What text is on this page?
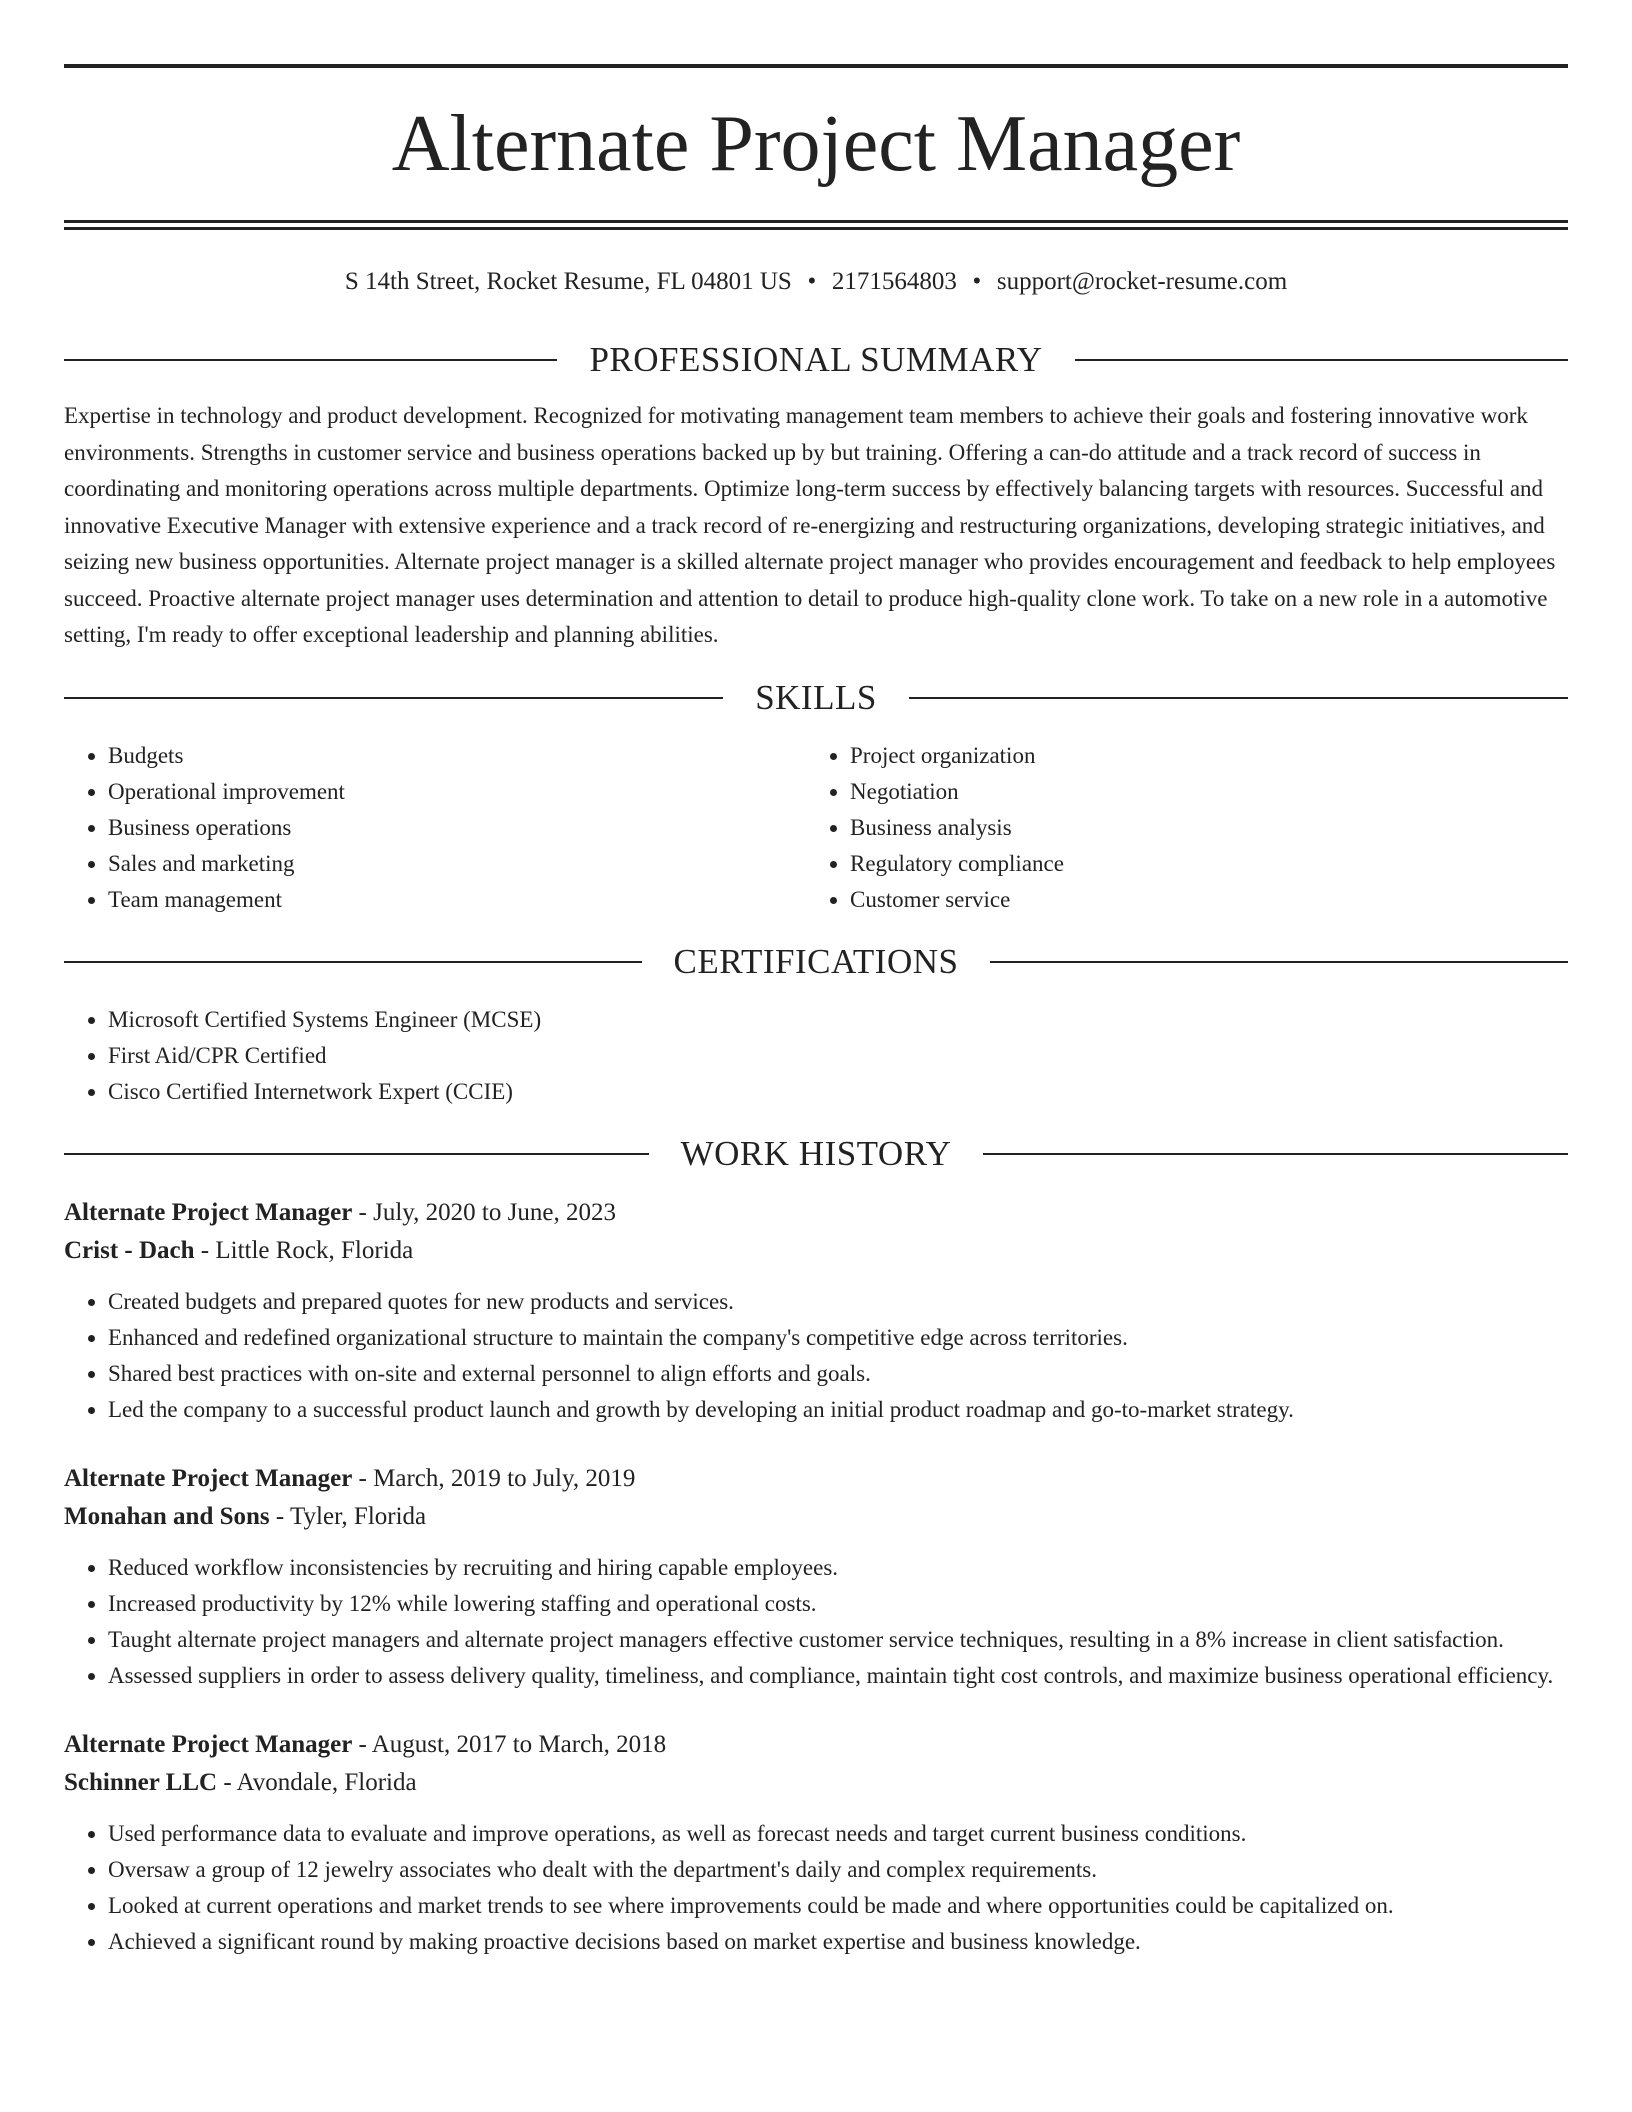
Alternate Project Manager
S 14th Street, Rocket Resume, FL 04801 US • 2171564803 • support@rocket-resume.com
PROFESSIONAL SUMMARY
Expertise in technology and product development. Recognized for motivating management team members to achieve their goals and fostering innovative work environments. Strengths in customer service and business operations backed up by but training. Offering a can-do attitude and a track record of success in coordinating and monitoring operations across multiple departments. Optimize long-term success by effectively balancing targets with resources. Successful and innovative Executive Manager with extensive experience and a track record of re-energizing and restructuring organizations, developing strategic initiatives, and seizing new business opportunities. Alternate project manager is a skilled alternate project manager who provides encouragement and feedback to help employees succeed. Proactive alternate project manager uses determination and attention to detail to produce high-quality clone work. To take on a new role in a automotive setting, I'm ready to offer exceptional leadership and planning abilities.
SKILLS
• Budgets
• Operational improvement
• Business operations
• Sales and marketing
• Team management
• Project organization
• Negotiation
• Business analysis
• Regulatory compliance
• Customer service
CERTIFICATIONS
• Microsoft Certified Systems Engineer (MCSE)
• First Aid/CPR Certified
• Cisco Certified Internetwork Expert (CCIE)
WORK HISTORY
Alternate Project Manager - July, 2020 to June, 2023
Crist - Dach - Little Rock, Florida
• Created budgets and prepared quotes for new products and services.
• Enhanced and redefined organizational structure to maintain the company's competitive edge across territories.
• Shared best practices with on-site and external personnel to align efforts and goals.
• Led the company to a successful product launch and growth by developing an initial product roadmap and go-to-market strategy.
Alternate Project Manager - March, 2019 to July, 2019
Monahan and Sons - Tyler, Florida
• Reduced workflow inconsistencies by recruiting and hiring capable employees.
• Increased productivity by 12% while lowering staffing and operational costs.
• Taught alternate project managers and alternate project managers effective customer service techniques, resulting in a 8% increase in client satisfaction.
• Assessed suppliers in order to assess delivery quality, timeliness, and compliance, maintain tight cost controls, and maximize business operational efficiency.
Alternate Project Manager - August, 2017 to March, 2018
Schinner LLC - Avondale, Florida
• Used performance data to evaluate and improve operations, as well as forecast needs and target current business conditions.
• Oversaw a group of 12 jewelry associates who dealt with the department's daily and complex requirements.
• Looked at current operations and market trends to see where improvements could be made and where opportunities could be capitalized on.
• Achieved a significant round by making proactive decisions based on market expertise and business knowledge.
